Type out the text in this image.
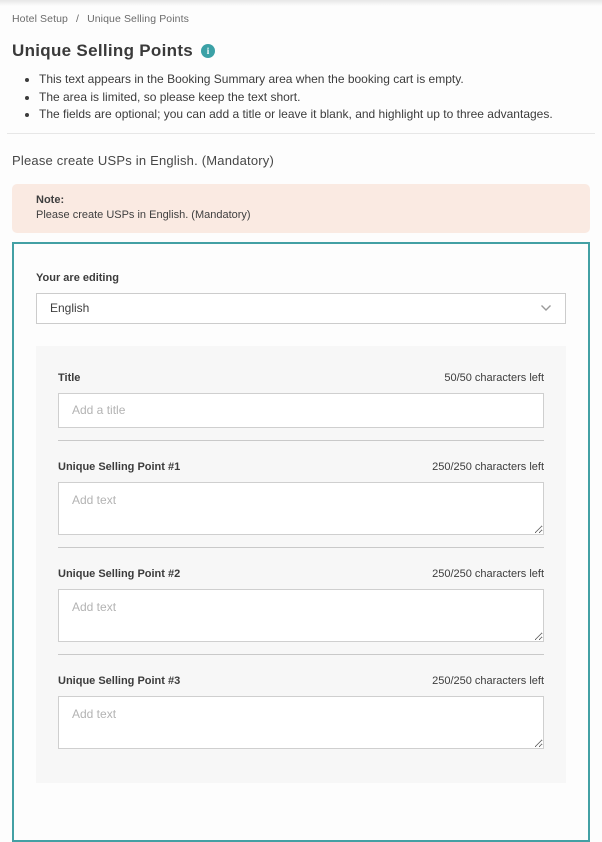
Hotel Setup / Unique Selling Points
Unique Selling Points	i
• This text appears in the Booking Summary area when the booking cart is empty.
• The area is limited, so please keep the text short.
• The fields are optional; you can add a title or leave it blank, and highlight up to three advantages.
Please create USPs in English. (Mandatory)
Note:
Please create USPs in English. (Mandatory)
Your are editing
English
Title	50/50 characters left
Add a title
Unique Selling Point #1	250/250 characters left
Add text
Unique Selling Point #2	250/250 characters left
Add text
Unique Selling Point #3	250/250 characters left
Add text
